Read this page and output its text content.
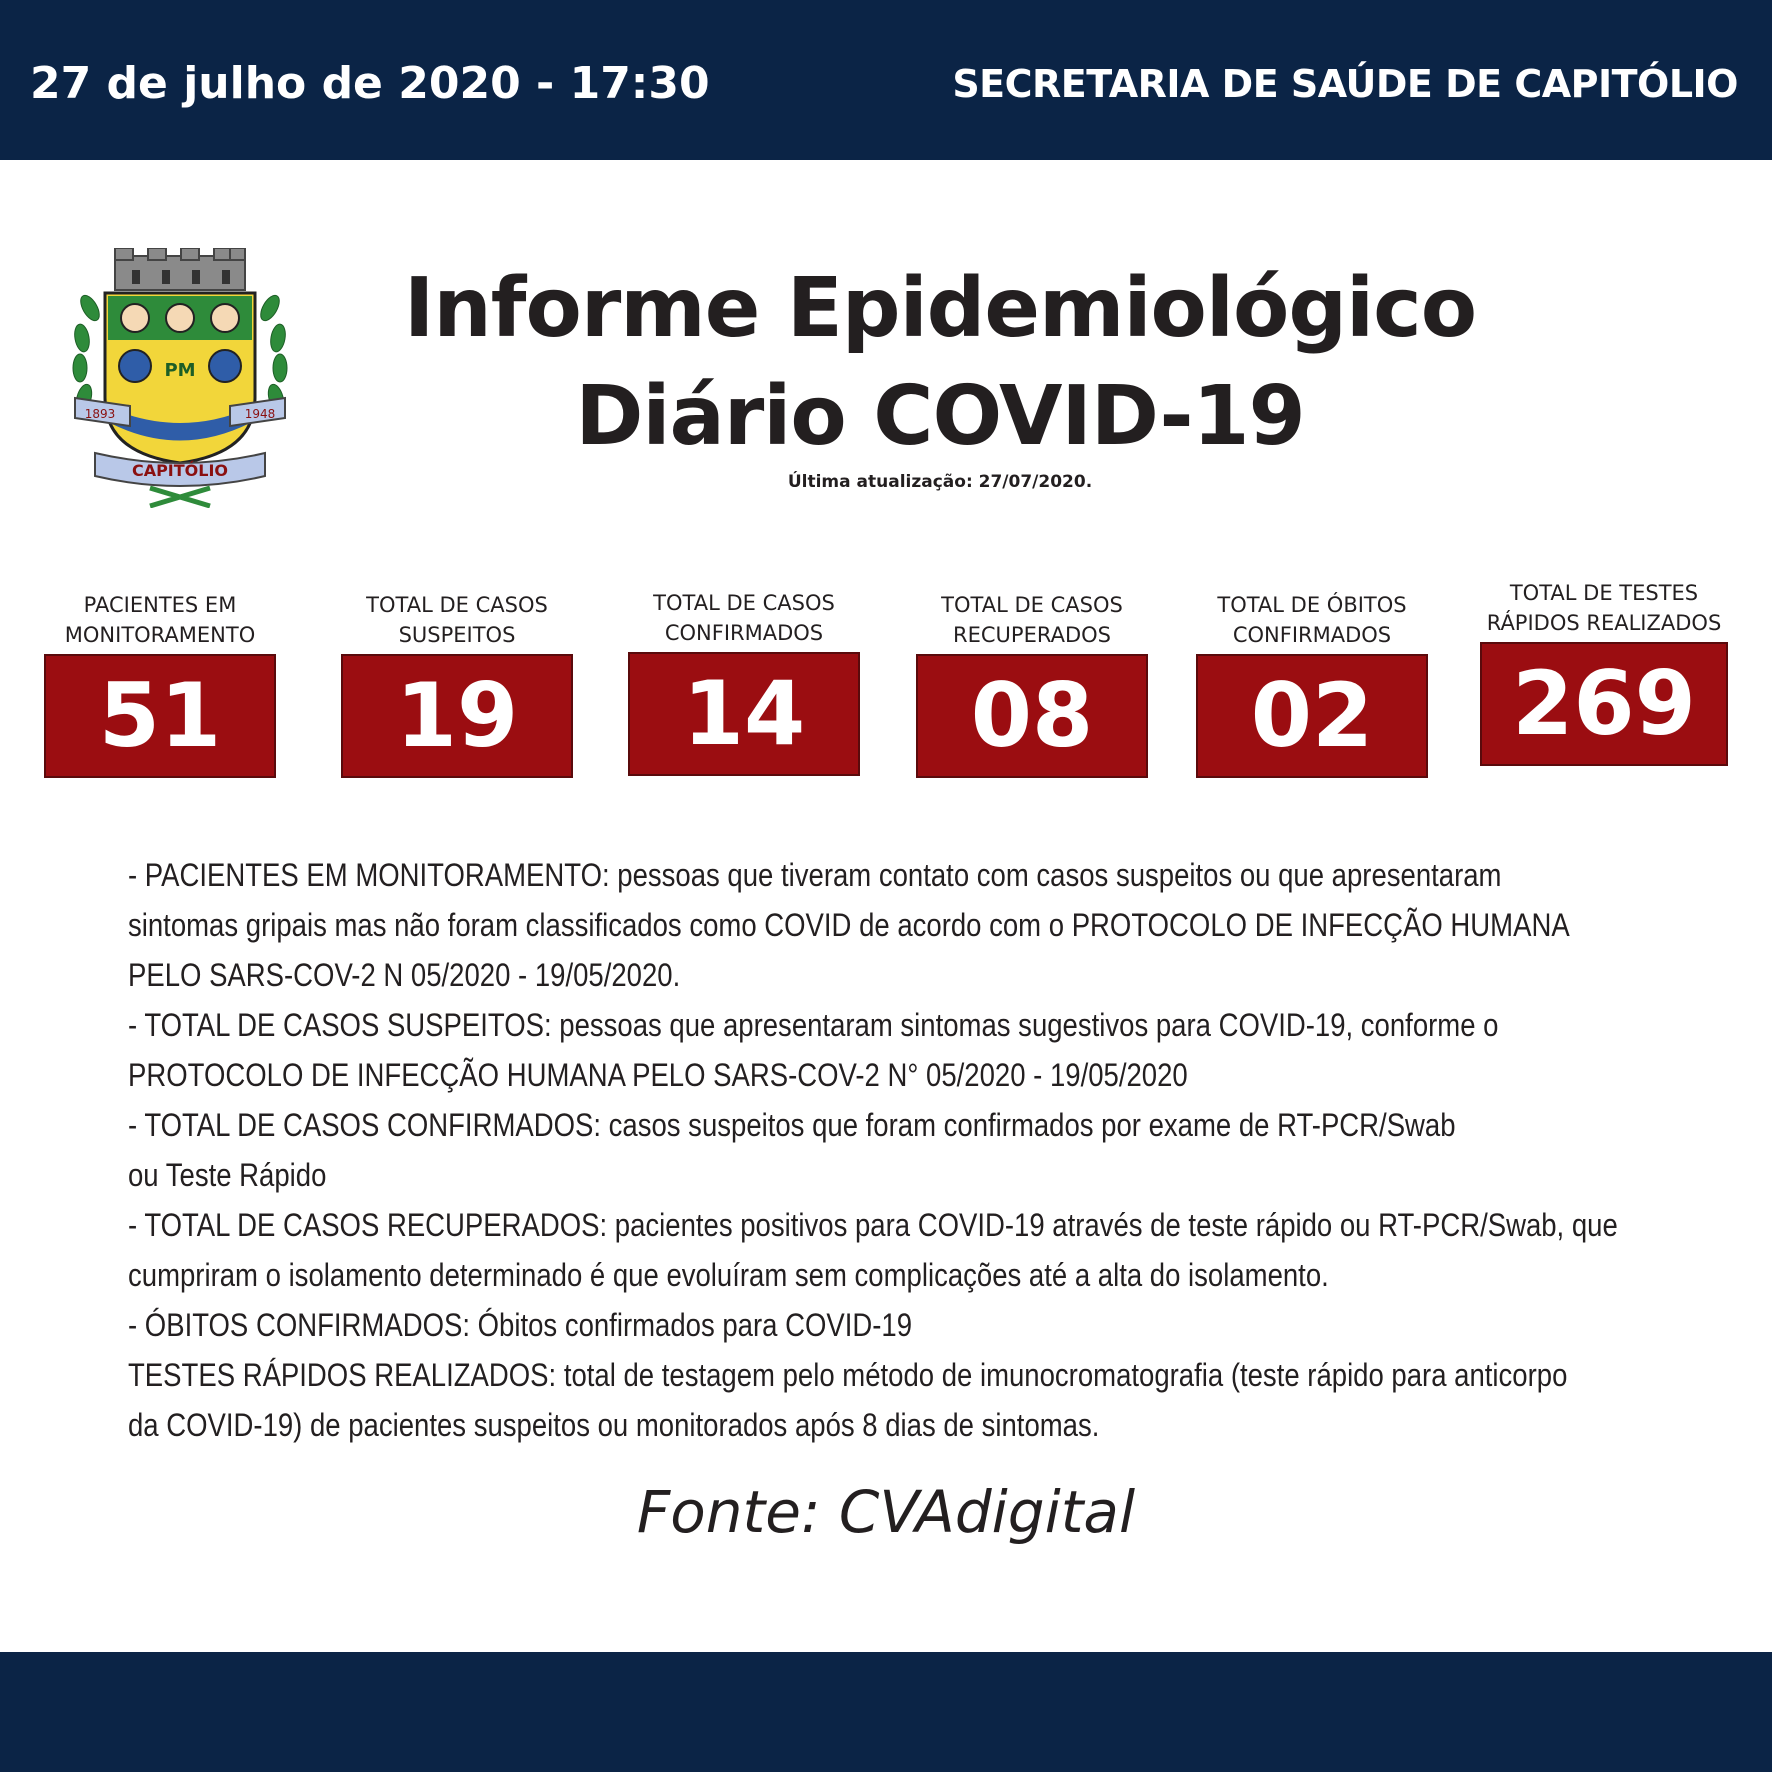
27 de julho de 2020 - 17:30	SECRETARIA DE SAÚDE DE CAPITÓLIO
PM
1893	1948
CAPITÓLIO
Informe Epidemiológico
Diário COVID-19
Última atualização: 27/07/2020.
PACIENTES EM
MONITORAMENTO
51
TOTAL DE CASOS
SUSPEITOS
19
TOTAL DE CASOS
CONFIRMADOS
14
TOTAL DE CASOS
RECUPERADOS
08
TOTAL DE ÓBITOS
CONFIRMADOS
02
TOTAL DE TESTES
RÁPIDOS REALIZADOS
269

- PACIENTES EM MONITORAMENTO: pessoas que tiveram contato com casos suspeitos ou que apresentaram

sintomas gripais mas não foram classificados como COVID de acordo com o PROTOCOLO DE INFECÇÃO HUMANA

PELO SARS-COV-2 N 05/2020 - 19/05/2020.

- TOTAL DE CASOS SUSPEITOS: pessoas que apresentaram sintomas sugestivos para COVID-19, conforme o

PROTOCOLO DE INFECÇÃO HUMANA PELO SARS-COV-2 N° 05/2020 - 19/05/2020

- TOTAL DE CASOS CONFIRMADOS: casos suspeitos que foram confirmados por exame de RT-PCR/Swab

ou Teste Rápido

- TOTAL DE CASOS RECUPERADOS: pacientes positivos para COVID-19 através de teste rápido ou RT-PCR/Swab, que

cumpriram o isolamento determinado é que evoluíram sem complicações até a alta do isolamento.

- ÓBITOS CONFIRMADOS: Óbitos confirmados para COVID-19

TESTES RÁPIDOS REALIZADOS: total de testagem pelo método de imunocromatografia (teste rápido para anticorpo

da COVID-19) de pacientes suspeitos ou monitorados após 8 dias de sintomas.

Fonte: CVAdigital
